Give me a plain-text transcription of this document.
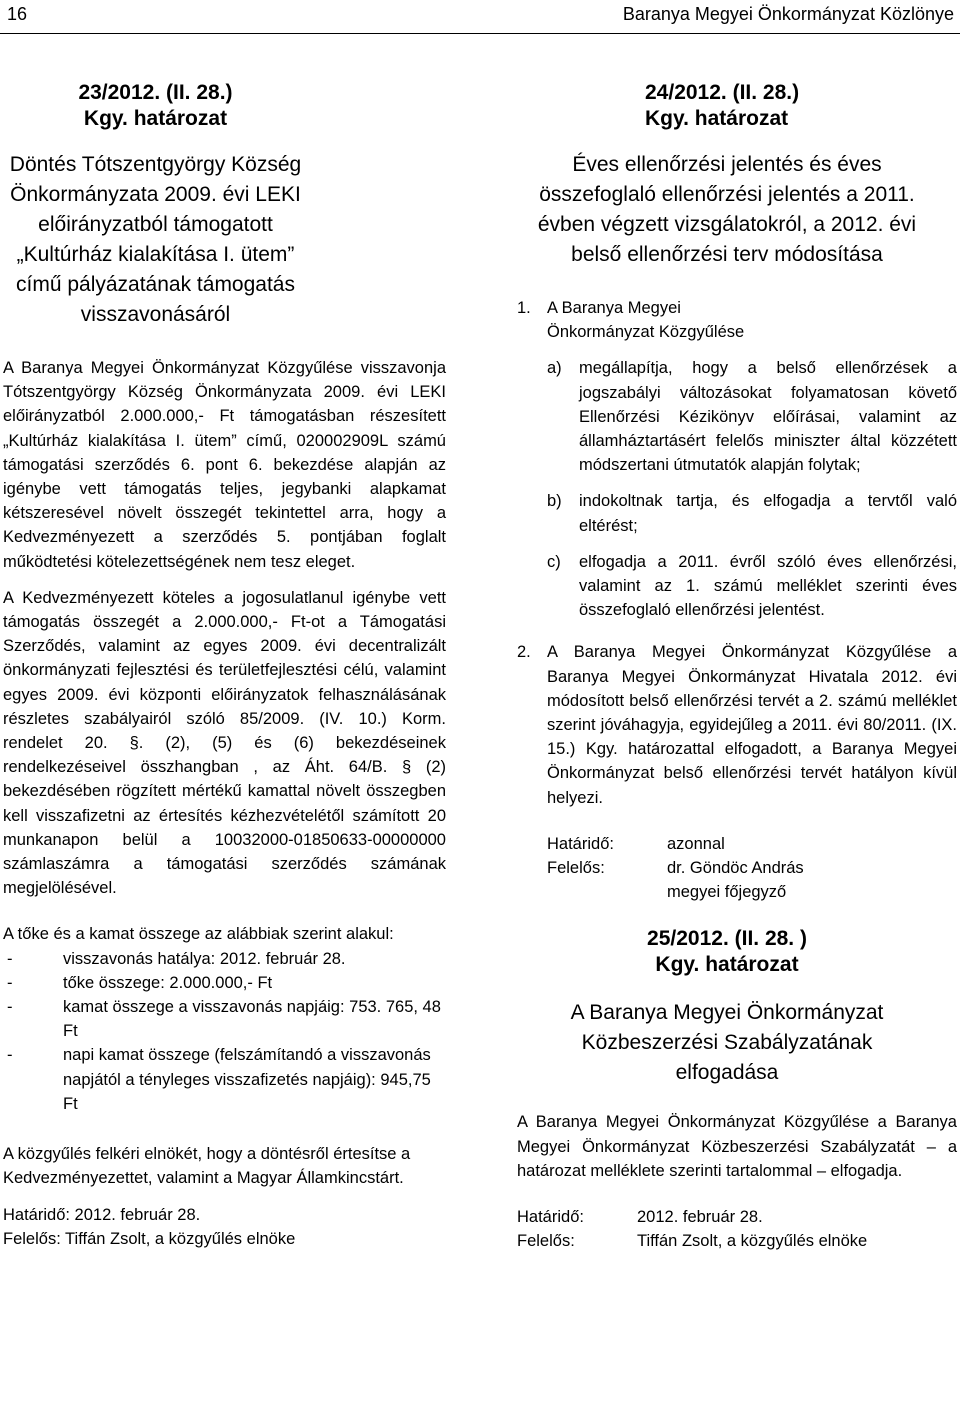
16	Baranya Megyei Önkormányzat Közlönye
23/2012. (II. 28.)
Kgy. határozat
Döntés Tótszentgyörgy Község Önkormányzata 2009. évi LEKI előirányzatból támogatott „Kultúrház kialakítása I. ütem” című pályázatának támogatás visszavonásáról

A Baranya Megyei Önkormányzat Közgyűlése visszavonja Tótszentgyörgy Község Önkormányzata 2009. évi LEKI előirányzatból 2.000.000,- Ft támogatásban részesített „Kultúrház kialakítása I. ütem” című, 020002909L számú támogatási szerződés 6. pont 6. bekezdése alapján az igénybe vett támogatás teljes, jegybanki alapkamat kétszeresével növelt összegét tekintettel arra, hogy a Kedvezményezett a szerződés 5. pontjában foglalt működtetési kötelezettségének nem tesz eleget.

A Kedvezményezett köteles a jogosulatlanul igénybe vett támogatás összegét a 2.000.000,- Ft-ot a Támogatási Szerződés, valamint az egyes 2009. évi decentralizált önkormányzati fejlesztési és területfejlesztési célú, valamint egyes 2009. évi központi előirányzatok felhasználásának részletes szabályairól szóló 85/2009. (IV. 10.) Korm. rendelet 20. §. (2), (5) és (6) bekezdéseinek rendelkezéseivel összhangban , az Áht. 64/B. § (2) bekezdésében rögzített mértékű kamattal növelt összegben kell visszafizetni az értesítés kézhezvételétől számított 20 munkanapon belül a 10032000-01850633-00000000 számlaszámra a támogatási szerződés számának megjelölésével.

A tőke és a kamat összege az alábbiak szerint alakul:

- visszavonás hatálya: 2012. február 28.
- tőke összege: 2.000.000,- Ft
- kamat összege a visszavonás napjáig: 753. 765, 48 Ft
- napi kamat összege (felszámítandó a visszavonás napjától a tényleges visszafizetés napjáig): 945,75 Ft

A közgyűlés felkéri elnökét, hogy a döntésről értesítse a Kedvezményezettet, valamint a Magyar Államkincstárt.

Határidő: 2012. február 28.

Felelős: Tiffán Zsolt, a közgyűlés elnöke

24/2012. (II. 28.)
Kgy. határozat
Éves ellenőrzési jelentés és éves összefoglaló ellenőrzési jelentés a 2011. évben végzett vizsgálatokról, a 2012. évi belső ellenőrzési terv módosítása
1. A Baranya Megyei Önkormányzat Közgyűlése
a) megállapítja, hogy a belső ellenőrzések a jogszabályi változásokat folyamatosan követő Ellenőrzési Kézikönyv előírásai, valamint az államháztartásért felelős miniszter által közzétett módszertani útmutatók alapján folytak;
b) indokoltnak tartja, és elfogadja a tervtől való eltérést;
c) elfogadja a 2011. évről szóló éves ellenőrzési, valamint az 1. számú melléklet szerinti éves összefoglaló ellenőrzési jelentést.
2. A Baranya Megyei Önkormányzat Közgyűlése a Baranya Megyei Önkormányzat Hivatala 2012. évi módosított belső ellenőrzési tervét a 2. számú melléklet szerint jóváhagyja, egyidejűleg a 2011. évi 80/2011. (IX. 15.) Kgy. határozattal elfogadott, a Baranya Megyei Önkormányzat belső ellenőrzési tervét hatályon kívül helyezi.
Határidő:	azonnal
Felelős:	dr. Göndöc András megyei főjegyző
25/2012. (II. 28. )
Kgy. határozat
A Baranya Megyei Önkormányzat Közbeszerzési Szabályzatának elfogadása

A Baranya Megyei Önkormányzat Közgyűlése a Baranya Megyei Önkormányzat Közbeszerzési Szabályzatát – a határozat melléklete szerinti tartalommal – elfogadja.

Határidő:	2012. február 28.
Felelős:	Tiffán Zsolt, a közgyűlés elnöke
